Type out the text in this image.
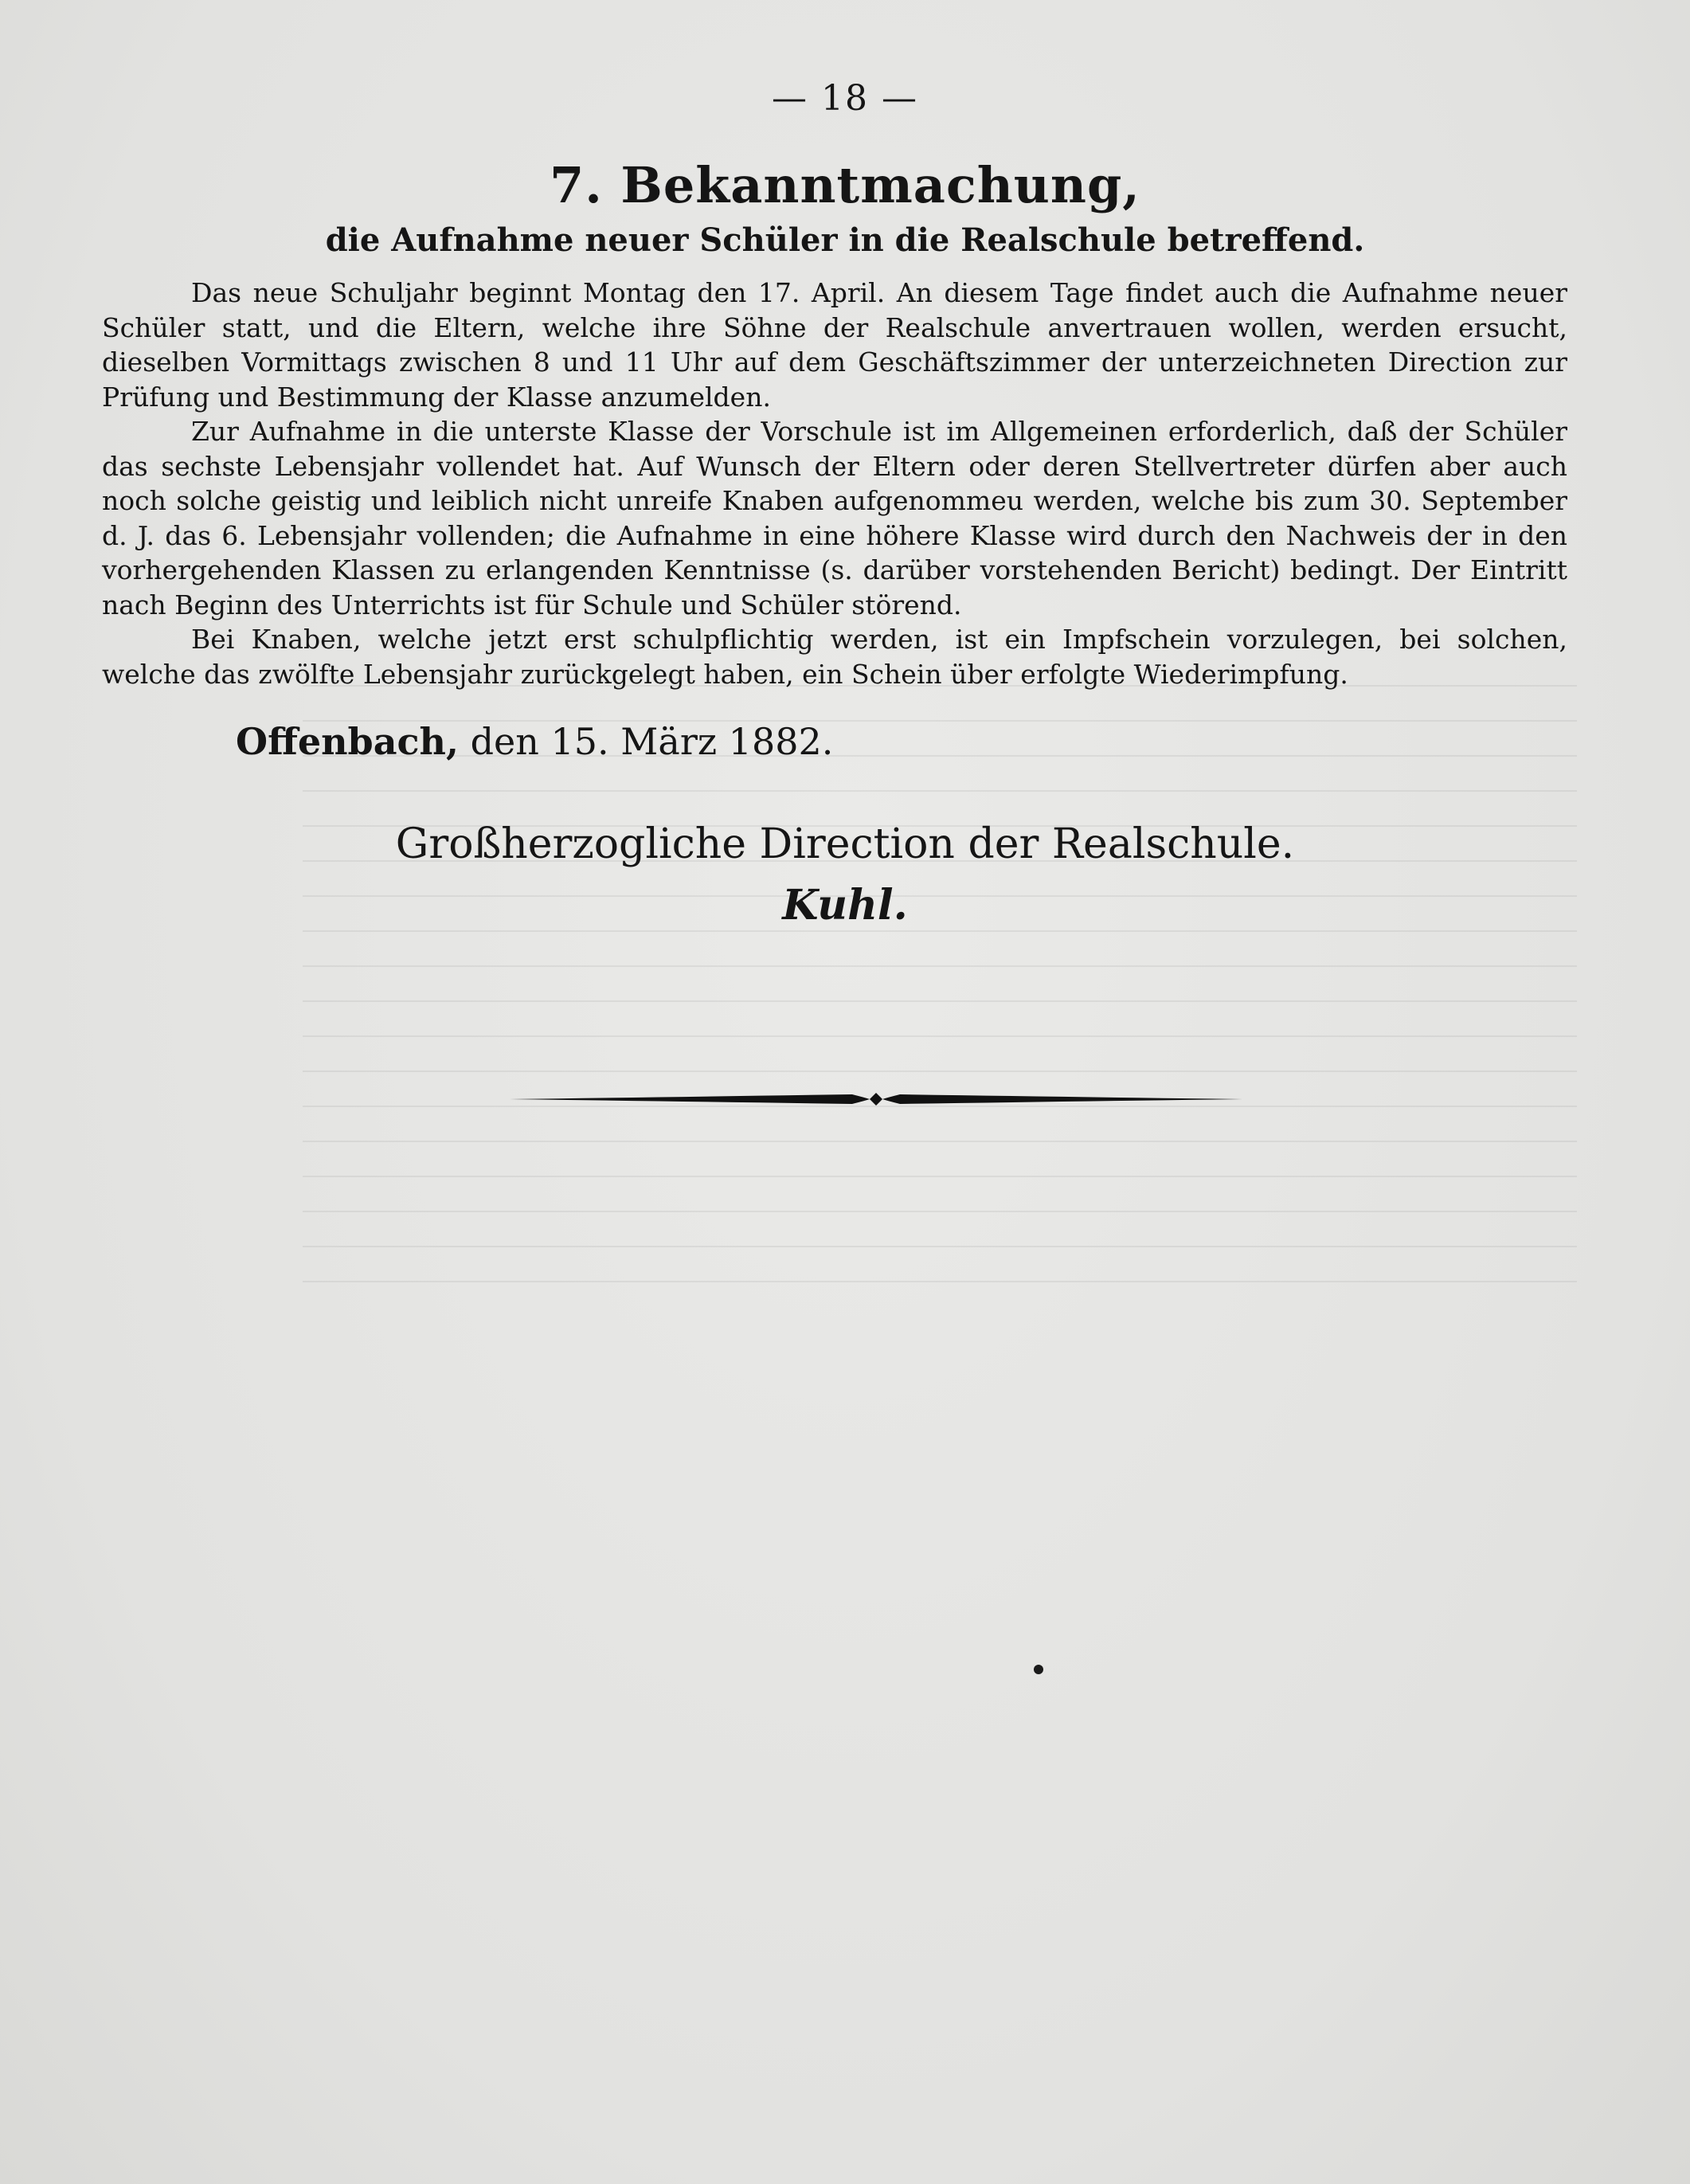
— 18 —
7. Bekanntmachung,
die Aufnahme neuer Schüler in die Realschule betreffend.

Das neue Schuljahr beginnt Montag den 17. April. An diesem Tage findet auch die Aufnahme neuer Schüler statt, und die Eltern, welche ihre Söhne der Realschule anvertrauen wollen, werden ersucht, dieselben Vormittags zwischen 8 und 11 Uhr auf dem Geschäftszimmer der unterzeichneten Direction zur Prüfung und Bestimmung der Klasse anzumelden.

Zur Aufnahme in die unterste Klasse der Vorschule ist im Allgemeinen erforderlich, daß der Schüler das sechste Lebensjahr vollendet hat. Auf Wunsch der Eltern oder deren Stellvertreter dürfen aber auch noch solche geistig und leiblich nicht unreife Knaben aufgenommeu werden, welche bis zum 30. September d. J. das 6. Lebensjahr vollenden; die Aufnahme in eine höhere Klasse wird durch den Nachweis der in den vorhergehenden Klassen zu erlangenden Kenntnisse (s. darüber vorstehenden Bericht) bedingt. Der Eintritt nach Beginn des Unterrichts ist für Schule und Schüler störend.

Bei Knaben, welche jetzt erst schulpflichtig werden, ist ein Impfschein vorzulegen, bei solchen, welche das zwölfte Lebensjahr zurückgelegt haben, ein Schein über erfolgte Wiederimpfung.

Offenbach, den 15. März 1882.
Großherzogliche Direction der Realschule.
Kuhl.
